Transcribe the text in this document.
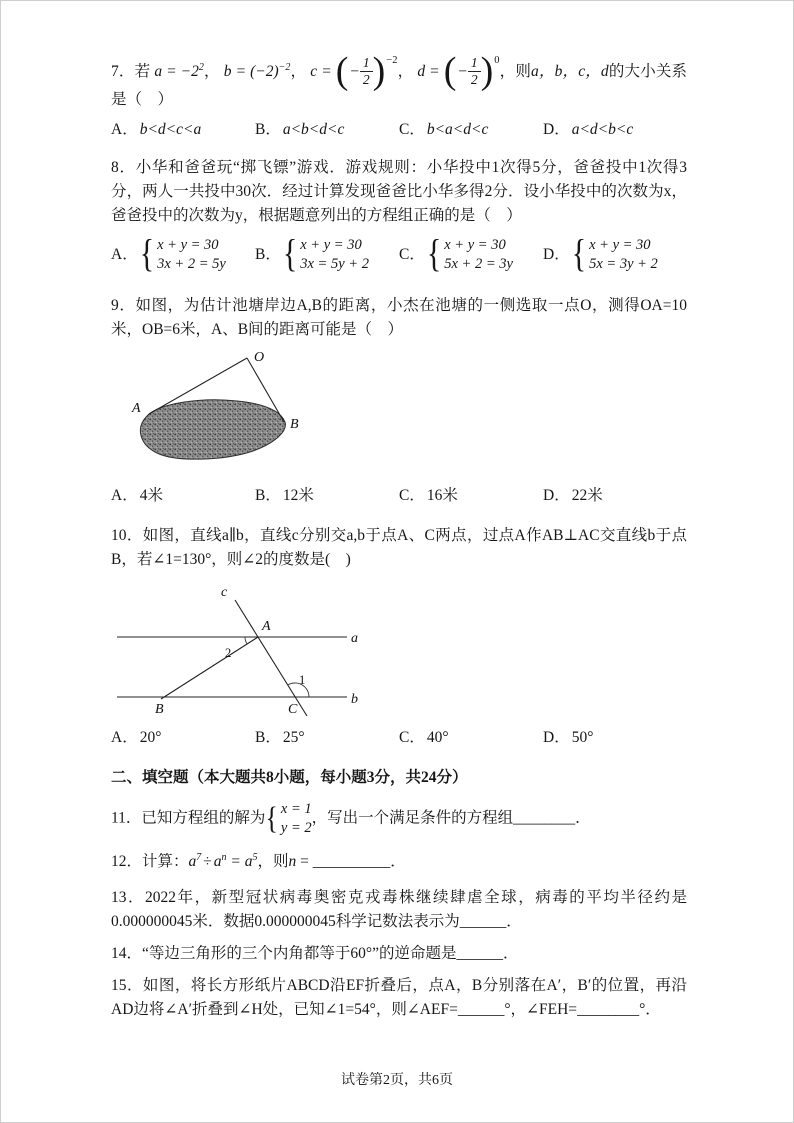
7．若 $a = -2^2$， $b = (-2)^{-2}$， c = (− $\frac{1}{2} )^{-2}$， d = (− $\frac{1}{2} )^0$，则a，b，c，d的大小关系是（　）
A． b<d<c<a	B． a<b<d<c	C． b<a<d<c	D． a<d<b<c
8．小华和爸爸玩“掷飞镖”游戏．游戏规则：小华投中1次得5分，爸爸投中1次得3分，两人一共投中30次．经过计算发现爸爸比小华多得2分．设小华投中的次数为x，爸爸投中的次数为y，根据题意列出的方程组正确的是（　）
A． { x + y = 30
3x + 2 = 5y
B． { x + y = 30
3x = 5y + 2
C． { x + y = 30
5x + 2 = 3y
D． { x + y = 30
5x = 3y + 2
9．如图，为估计池塘岸边A,B的距离，小杰在池塘的一侧选取一点O，测得OA=10米，OB=6米，A、B间的距离可能是（　）
O
A
B
A． 4米	B． 12米	C． 16米	D． 22米
10．如图，直线a∥b，直线c分别交a,b于点A、C两点，过点A作AB⊥AC交直线b于点B，若∠1=130°，则∠2的度数是(　)
c
a
b
A
B	C
2
1
A． 20°	B． 25°	C． 40°	D． 50°
二、填空题（本大题共8小题，每小题3分，共24分）
11．已知方程组的解为 { x = 1
y = 2
，写出一个满足条件的方程组________．
12．计算：$a^7 \div a^n = a^5$，则n = __________．
13．2022年，新型冠状病毒奥密克戎毒株继续肆虐全球，病毒的平均半径约是0.000000045米．数据0.000000045科学记数法表示为______．
14．“等边三角形的三个内角都等于60°”的逆命题是______．
15．如图，将长方形纸片ABCD沿EF折叠后，点A，B分别落在A′，B′的位置，再沿AD边将∠A′折叠到∠H处，已知∠1=54°，则∠AEF=______°，∠FEH=________°．
试卷第2页，共6页
